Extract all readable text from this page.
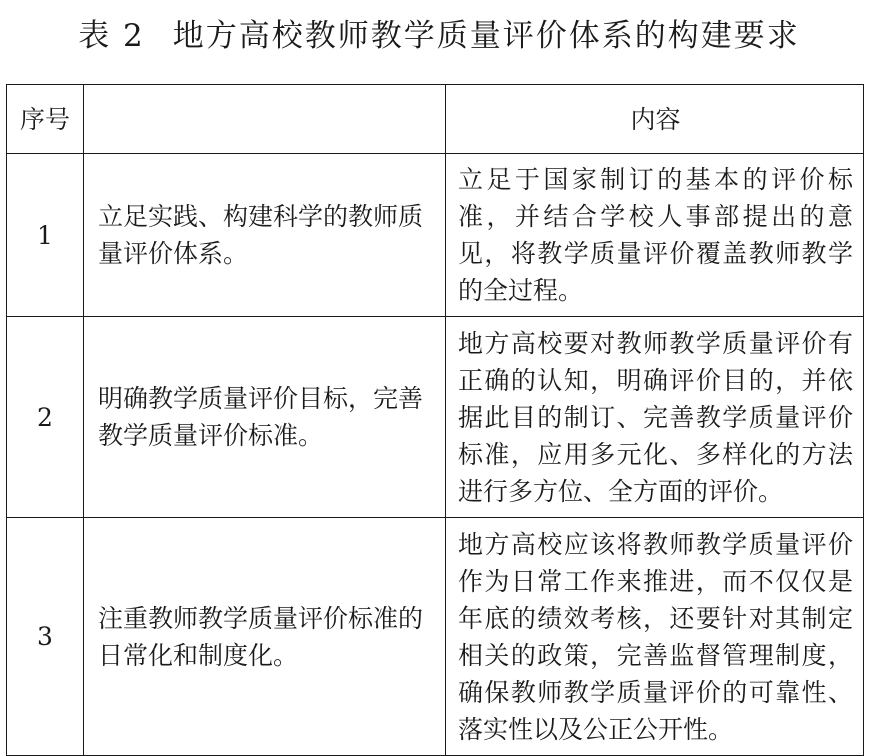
表 2 地方高校教师教学质量评价体系的构建要求
序号		内容
1	立足实践、构建科学的教师质量评价体系。	立足于国家制订的基本的评价标准，并结合学校人事部提出的意见，将教学质量评价覆盖教师教学的全过程。
2	明确教学质量评价目标，完善教学质量评价标准。	地方高校要对教师教学质量评价有正确的认知，明确评价目的，并依据此目的制订、完善教学质量评价标准，应用多元化、多样化的方法进行多方位、全方面的评价。
3	注重教师教学质量评价标准的日常化和制度化。	地方高校应该将教师教学质量评价作为日常工作来推进，而不仅仅是年底的绩效考核，还要针对其制定相关的政策，完善监督管理制度，确保教师教学质量评价的可靠性、落实性以及公正公开性。
